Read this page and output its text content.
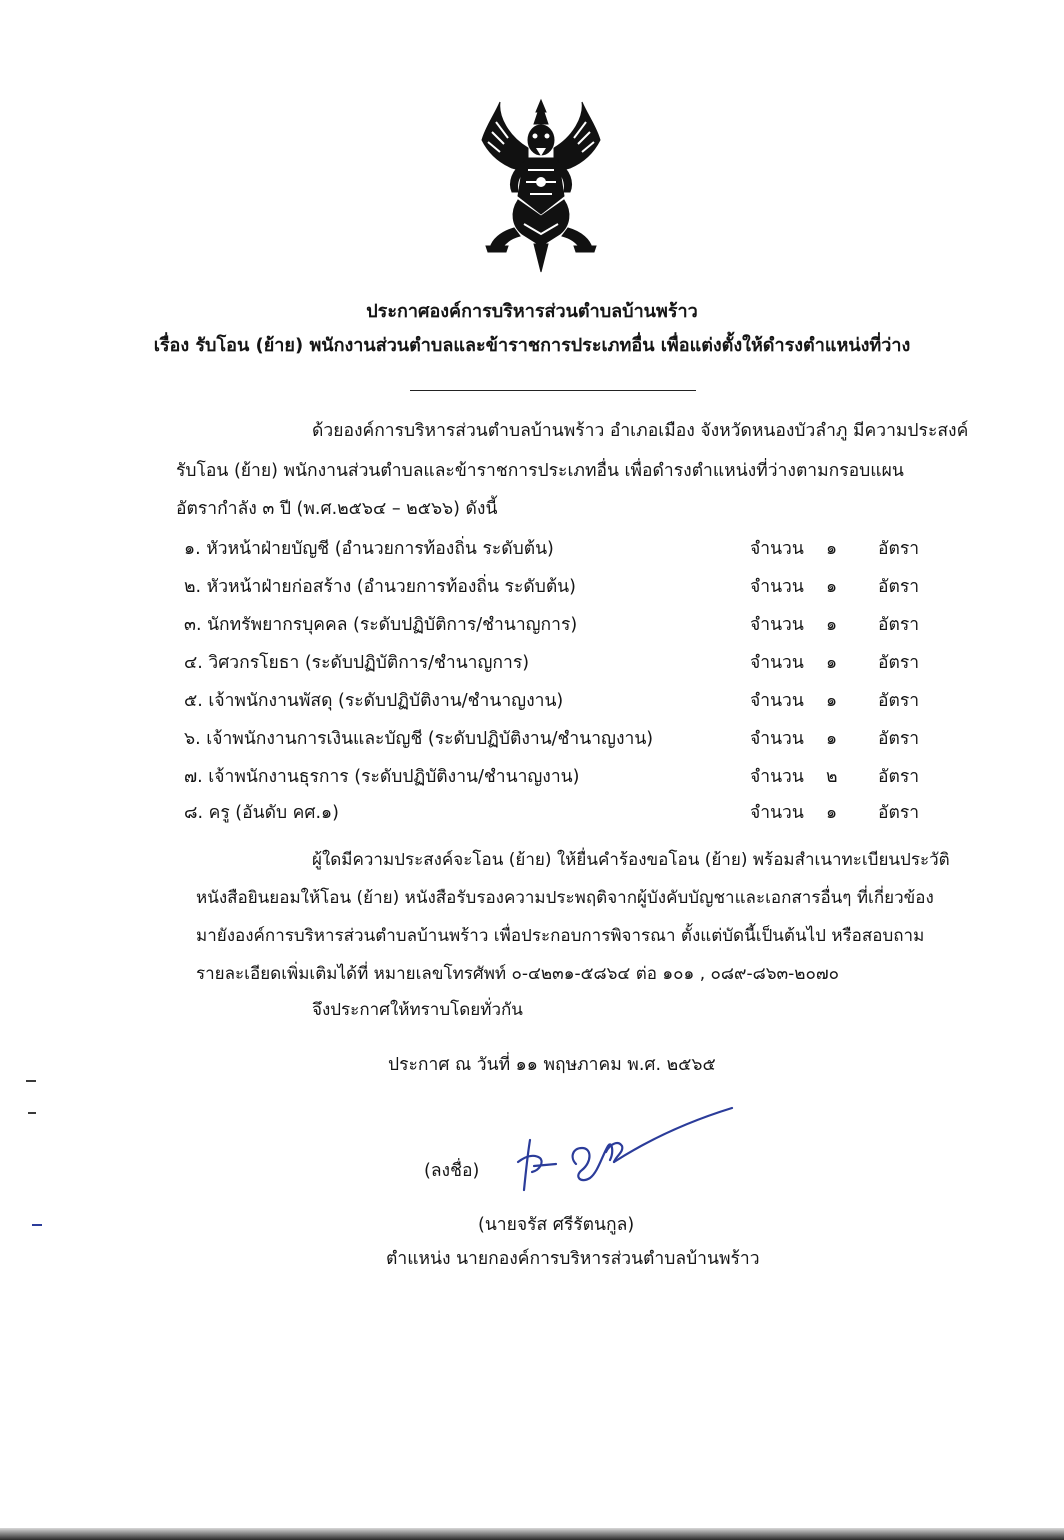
ประกาศองค์การบริหารส่วนตำบลบ้านพร้าว
เรื่อง รับโอน (ย้าย) พนักงานส่วนตำบลและข้าราชการประเภทอื่น เพื่อแต่งตั้งให้ดำรงตำแหน่งที่ว่าง
ด้วยองค์การบริหารส่วนตำบลบ้านพร้าว อำเภอเมือง จังหวัดหนองบัวลำภู มีความประสงค์
รับโอน (ย้าย) พนักงานส่วนตำบลและข้าราชการประเภทอื่น เพื่อดำรงตำแหน่งที่ว่างตามกรอบแผน
อัตรากำลัง ๓ ปี (พ.ศ.๒๕๖๔ – ๒๕๖๖) ดังนี้
๑. หัวหน้าฝ่ายบัญชี (อำนวยการท้องถิ่น ระดับต้น)	จำนวน ๑ อัตรา
๒. หัวหน้าฝ่ายก่อสร้าง (อำนวยการท้องถิ่น ระดับต้น)	จำนวน ๑ อัตรา
๓. นักทรัพยากรบุคคล (ระดับปฏิบัติการ/ชำนาญการ)	จำนวน ๑ อัตรา
๔. วิศวกรโยธา (ระดับปฏิบัติการ/ชำนาญการ)	จำนวน ๑ อัตรา
๕. เจ้าพนักงานพัสดุ (ระดับปฏิบัติงาน/ชำนาญงาน)	จำนวน ๑ อัตรา
๖. เจ้าพนักงานการเงินและบัญชี (ระดับปฏิบัติงาน/ชำนาญงาน)	จำนวน ๑ อัตรา
๗. เจ้าพนักงานธุรการ (ระดับปฏิบัติงาน/ชำนาญงาน)	จำนวน ๒ อัตรา
๘. ครู (อันดับ คศ.๑)	จำนวน ๑ อัตรา
ผู้ใดมีความประสงค์จะโอน (ย้าย) ให้ยื่นคำร้องขอโอน (ย้าย) พร้อมสำเนาทะเบียนประวัติ
หนังสือยินยอมให้โอน (ย้าย) หนังสือรับรองความประพฤติจากผู้บังคับบัญชาและเอกสารอื่นๆ ที่เกี่ยวข้อง
มายังองค์การบริหารส่วนตำบลบ้านพร้าว เพื่อประกอบการพิจารณา ตั้งแต่บัดนี้เป็นต้นไป หรือสอบถาม
รายละเอียดเพิ่มเติมได้ที่ หมายเลขโทรศัพท์ ๐-๔๒๓๑-๕๘๖๔ ต่อ ๑๐๑ , ๐๘๙-๘๖๓-๒๐๗๐
จึงประกาศให้ทราบโดยทั่วกัน
ประกาศ ณ วันที่ ๑๑ พฤษภาคม พ.ศ. ๒๕๖๕
(ลงชื่อ)
(นายจรัส ศรีรัตนกูล)
ตำแหน่ง นายกองค์การบริหารส่วนตำบลบ้านพร้าว
